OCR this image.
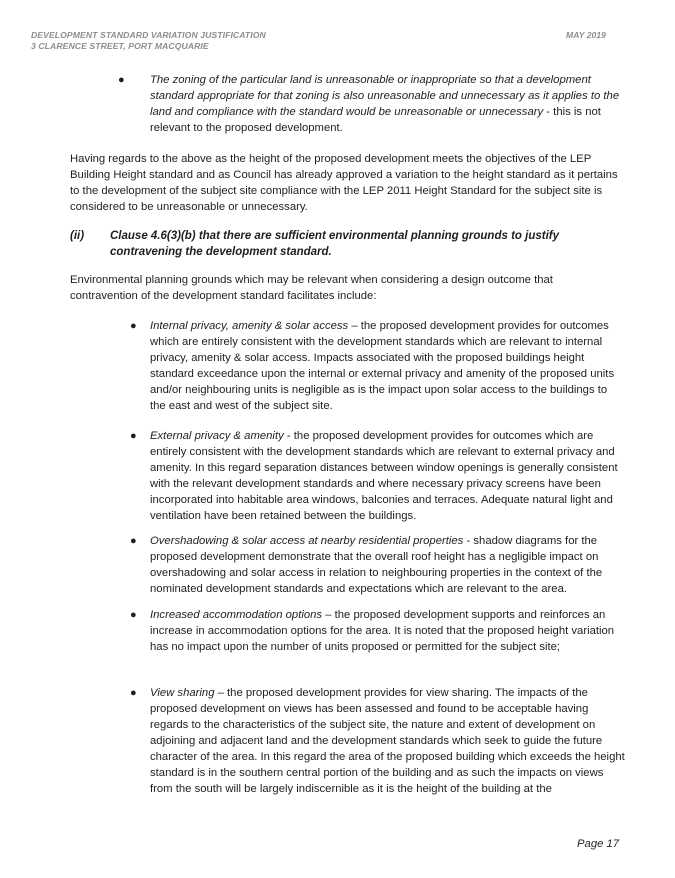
DEVELOPMENT STANDARD VARIATION JUSTIFICATION
3 CLARENCE STREET, PORT MACQUARIE
MAY 2019
● The zoning of the particular land is unreasonable or inappropriate so that a development standard appropriate for that zoning is also unreasonable and unnecessary as it applies to the land and compliance with the standard would be unreasonable or unnecessary - this is not relevant to the proposed development.
Having regards to the above as the height of the proposed development meets the objectives of the LEP Building Height standard and as Council has already approved a variation to the height standard as it pertains to the development of the subject site compliance with the LEP 2011 Height Standard for the subject site is considered to be unreasonable or unnecessary.
(ii) Clause 4.6(3)(b) that there are sufficient environmental planning grounds to justify contravening the development standard.
Environmental planning grounds which may be relevant when considering a design outcome that contravention of the development standard facilitates include:
● Internal privacy, amenity & solar access – the proposed development provides for outcomes which are entirely consistent with the development standards which are relevant to internal privacy, amenity & solar access. Impacts associated with the proposed buildings height standard exceedance upon the internal or external privacy and amenity of the proposed units and/or neighbouring units is negligible as is the impact upon solar access to the buildings to the east and west of the subject site.
● External privacy & amenity - the proposed development provides for outcomes which are entirely consistent with the development standards which are relevant to external privacy and amenity. In this regard separation distances between window openings is generally consistent with the relevant development standards and where necessary privacy screens have been incorporated into habitable area windows, balconies and terraces. Adequate natural light and ventilation have been retained between the buildings.
● Overshadowing & solar access at nearby residential properties - shadow diagrams for the proposed development demonstrate that the overall roof height has a negligible impact on overshadowing and solar access in relation to neighbouring properties in the context of the nominated development standards and expectations which are relevant to the area.
● Increased accommodation options – the proposed development supports and reinforces an increase in accommodation options for the area. It is noted that the proposed height variation has no impact upon the number of units proposed or permitted for the subject site;
● View sharing – the proposed development provides for view sharing. The impacts of the proposed development on views has been assessed and found to be acceptable having regards to the characteristics of the subject site, the nature and extent of development on adjoining and adjacent land and the development standards which seek to guide the future character of the area. In this regard the area of the proposed building which exceeds the height standard is in the southern central portion of the building and as such the impacts on views from the south will be largely indiscernible as it is the height of the building at the
Page 17
